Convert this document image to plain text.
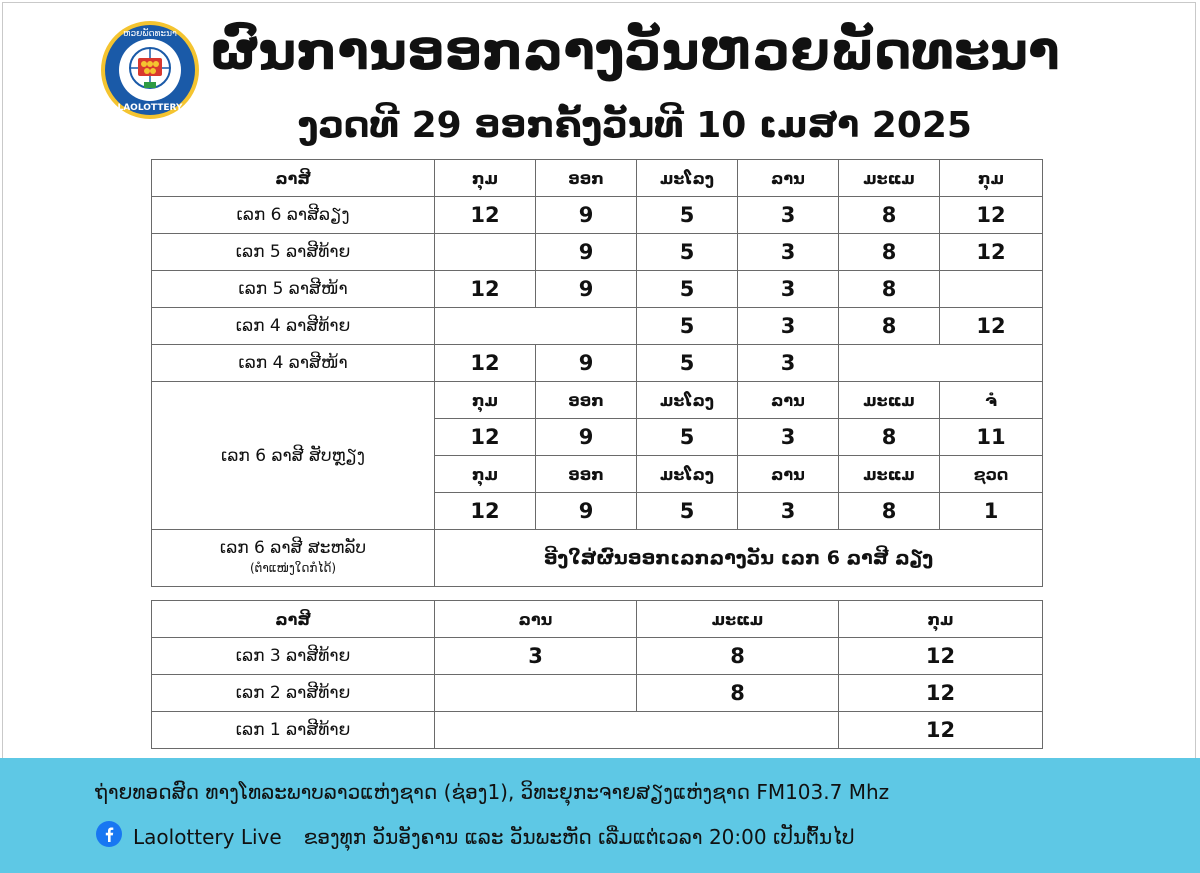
ຫວຍພັດທະນາ
LAOLOTTERY
ຜົນການອອກລາງວັນຫວຍພັດທະນາ
ງວດທີ 29 ອອກຄັ້ງວັນທີ 10 ເມສາ 2025
ລາສີ	ກຸມ	ອອກ	ມະໂລງ	ລານ	ມະແມ	ກຸມ
ເລກ 6 ລາສີລຽງ	12	9	5	3	8	12
ເລກ 5 ລາສີທ້າຍ		9	5	3	8	12
ເລກ 5 ລາສີໜ້າ	12	9	5	3	8	
ເລກ 4 ລາສີທ້າຍ			5	3	8	12
ເລກ 4 ລາສີໜ້າ	12	9	5	3		
ເລກ 6 ລາສີ ສັບຫຼຽງ	ກຸມ	ອອກ	ມະໂລງ	ລານ	ມະແມ	ຈໍ
	12	9	5	3	8	11
	ກຸມ	ອອກ	ມະໂລງ	ລານ	ມະແມ	ຊວດ
	12	9	5	3	8	1
ເລກ 6 ລາສີ ສະຫລັບ
(ຕໍາແໜ່ງໃດກໍໄດ້)	ອີງໃສ່ຜົນອອກເລກລາງວັນ ເລກ 6 ລາສີ ລຽງ					
ລາສີ	ລານ	ມະແມ	ກຸມ
ເລກ 3 ລາສີທ້າຍ	3	8	12
ເລກ 2 ລາສີທ້າຍ		8	12
ເລກ 1 ລາສີທ້າຍ			12
ຖ່າຍທອດສົດ ທາງໂທລະພາບລາວແຫ່ງຊາດ (ຊ່ອງ1), ວິທະຍຸກະຈາຍສຽງແຫ່ງຊາດ FM103.7 Mhz
Laolottery Live ຂອງທຸກ ວັນອັງຄານ ແລະ ວັນພະຫັດ ເລີ່ມແຕ່ເວລາ 20:00 ເປັນຕົ້ນໄປ
